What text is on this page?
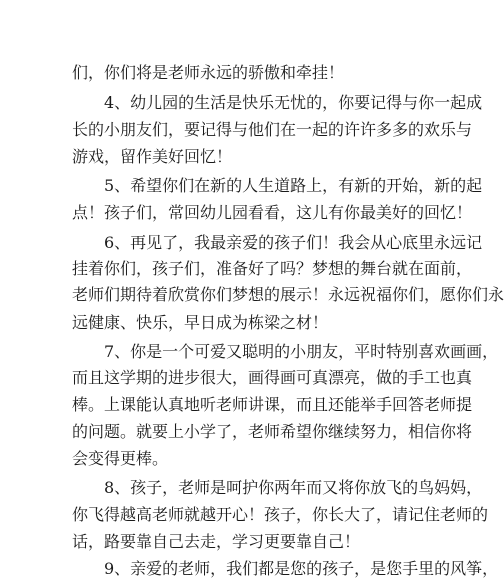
们，你们将是老师永远的骄傲和牵挂！
4、幼儿园的生活是快乐无忧的，你要记得与你一起成
长的小朋友们，要记得与他们在一起的许许多多的欢乐与
游戏，留作美好回忆！
5、希望你们在新的人生道路上，有新的开始，新的起
点！孩子们，常回幼儿园看看，这儿有你最美好的回忆！
6、再见了，我最亲爱的孩子们！我会从心底里永远记
挂着你们，孩子们，准备好了吗？梦想的舞台就在面前，
老师们期待着欣赏你们梦想的展示！永远祝福你们，愿你们永
远健康、快乐，早日成为栋梁之材！
7、你是一个可爱又聪明的小朋友，平时特别喜欢画画，
而且这学期的进步很大，画得画可真漂亮，做的手工也真
棒。上课能认真地听老师讲课，而且还能举手回答老师提
的问题。就要上小学了，老师希望你继续努力，相信你将
会变得更棒。
8、孩子，老师是呵护你两年而又将你放飞的鸟妈妈，
你飞得越高老师就越开心！孩子，你长大了，请记住老师的
话，路要靠自己去走，学习更要靠自己！
9、亲爱的老师，我们都是您的孩子，是您手里的风筝，
